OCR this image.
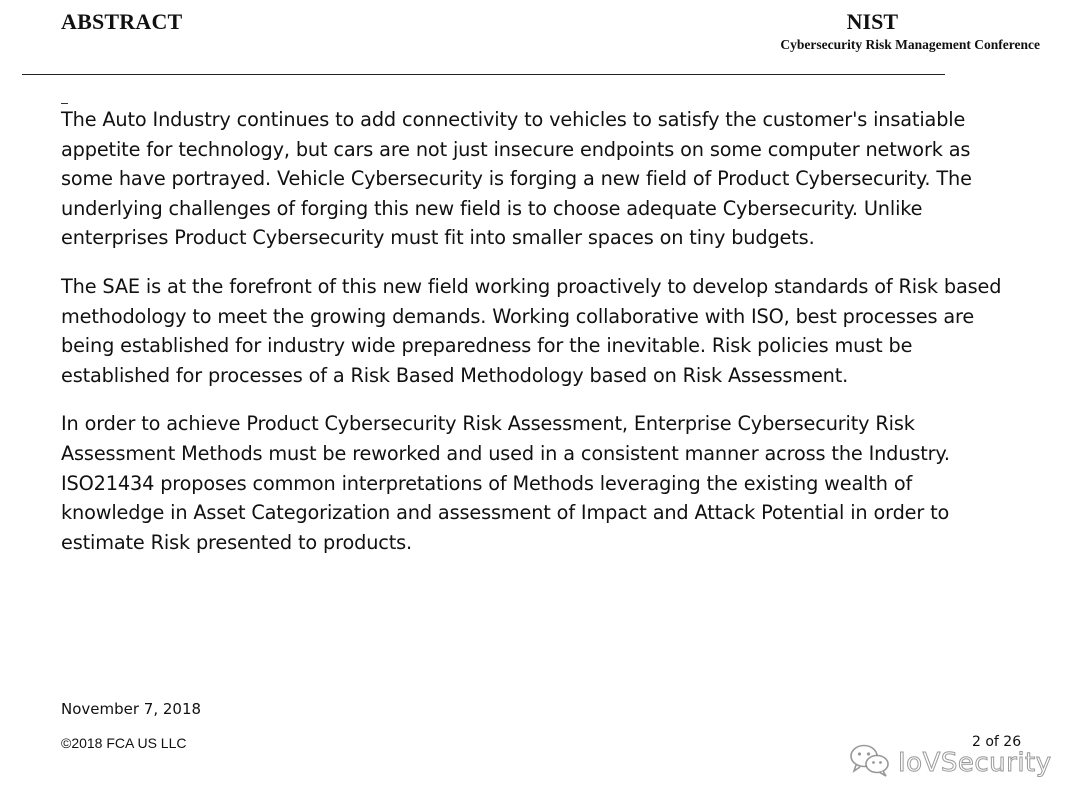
ABSTRACT	NIST
Cybersecurity Risk Management Conference

The Auto Industry continues to add connectivity to vehicles to satisfy the customer's insatiable
appetite for technology, but cars are not just insecure endpoints on some computer network as
some have portrayed. Vehicle Cybersecurity is forging a new field of Product Cybersecurity. The
underlying challenges of forging this new field is to choose adequate Cybersecurity. Unlike
enterprises Product Cybersecurity must fit into smaller spaces on tiny budgets.

The SAE is at the forefront of this new field working proactively to develop standards of Risk based
methodology to meet the growing demands. Working collaborative with ISO, best processes are
being established for industry wide preparedness for the inevitable. Risk policies must be
established for processes of a Risk Based Methodology based on Risk Assessment.

In order to achieve Product Cybersecurity Risk Assessment, Enterprise Cybersecurity Risk
Assessment Methods must be reworked and used in a consistent manner across the Industry.
ISO21434 proposes common interpretations of Methods leveraging the existing wealth of
knowledge in Asset Categorization and assessment of Impact and Attack Potential in order to
estimate Risk presented to products.

November 7, 2018
©2018 FCA US LLC	2 of 26
IoVSecurity
